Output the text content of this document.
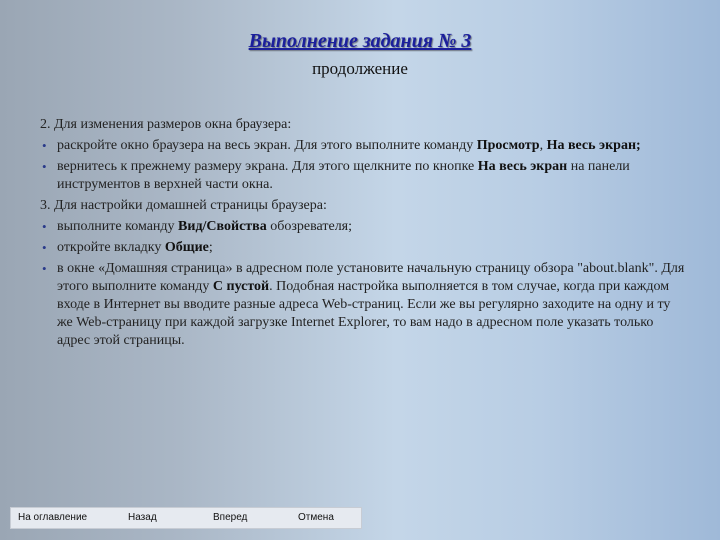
Выполнение задания № 3
продолжение
2. Для изменения размеров окна браузера:
• раскройте окно браузера на весь экран. Для этого выполните команду Просмотр, На весь экран;
• вернитесь к прежнему размеру экрана. Для этого щелкните по кнопке На весь экран на панели инструментов в верхней части окна.
3. Для настройки домашней страницы браузера:
• выполните команду Вид/Свойства обозревателя;
• откройте вкладку Общие;
• в окне «Домашняя страница» в адресном поле установите начальную страницу обзора "about.blank". Для этого выполните команду С пустой. Подобная настройка выполняется в том случае, когда при каждом входе в Интернет вы вводите разные адреса Web-страниц. Если же вы регулярно заходите на одну и ту же Web-страницу при каждой загрузке Internet Explorer, то вам надо в адресном поле указать только адрес этой страницы.
На оглавление	Назад	Вперед	Отмена
